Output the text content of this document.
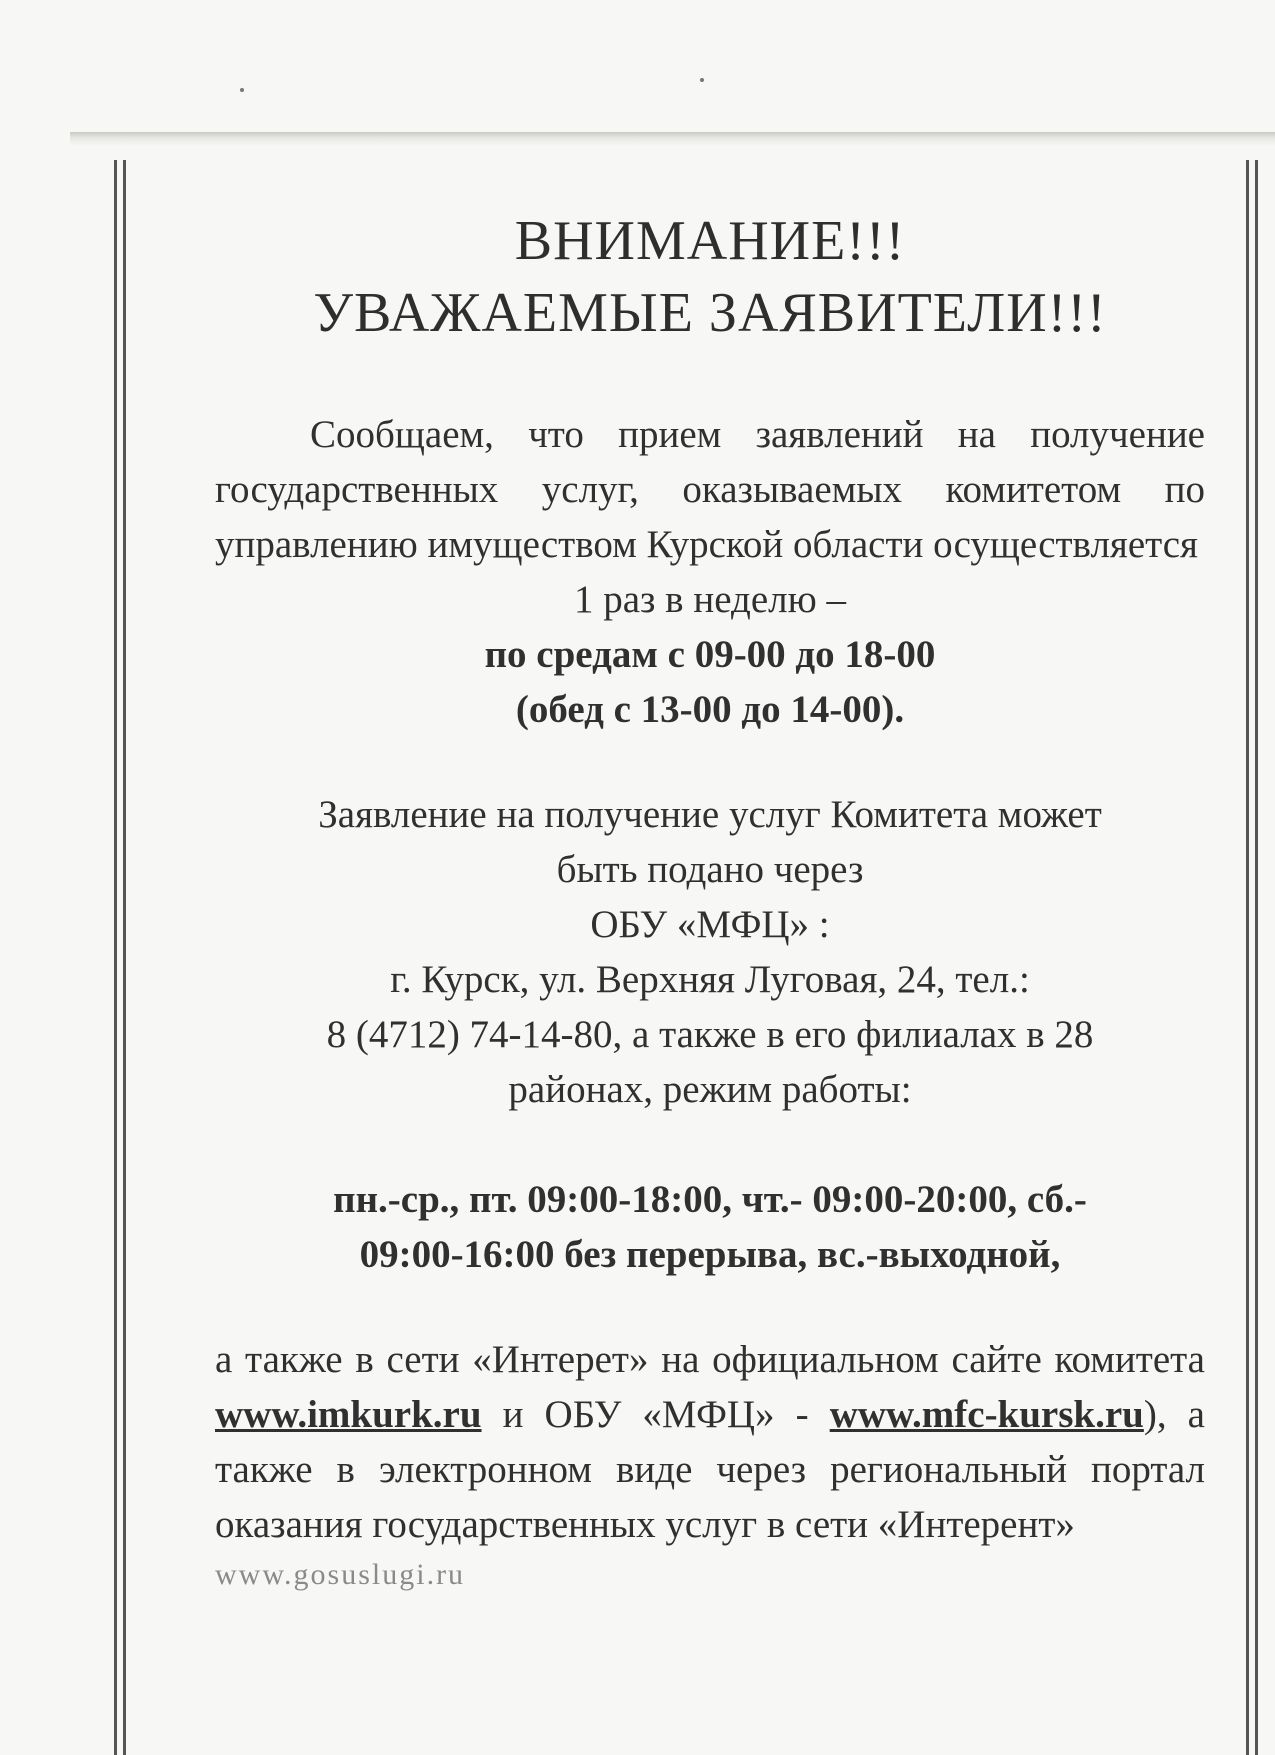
ВНИМАНИЕ!!!
УВАЖАЕМЫЕ ЗАЯВИТЕЛИ!!!

Сообщаем, что прием заявлений на получение государственных услуг, оказываемых комитетом по управлению имуществом Курской области осуществляется

1 раз в неделю –

по средам с 09-00 до 18-00

(обед с 13-00 до 14-00).

Заявление на получение услуг Комитета может

быть подано через

ОБУ «МФЦ» :

г. Курск, ул. Верхняя Луговая, 24, тел.:

8 (4712) 74-14-80, а также в его филиалах в 28

районах, режим работы:

пн.-ср., пт. 09:00-18:00, чт.- 09:00-20:00, сб.-

09:00-16:00 без перерыва, вс.-выходной,

а также в сети «Интерет» на официальном сайте комитета www.imkurk.ru и ОБУ «МФЦ» - www.mfc-kursk.ru), а также в электронном виде через региональный портал оказания государственных услуг в сети «Интерент»

www.gosuslugi.ru
